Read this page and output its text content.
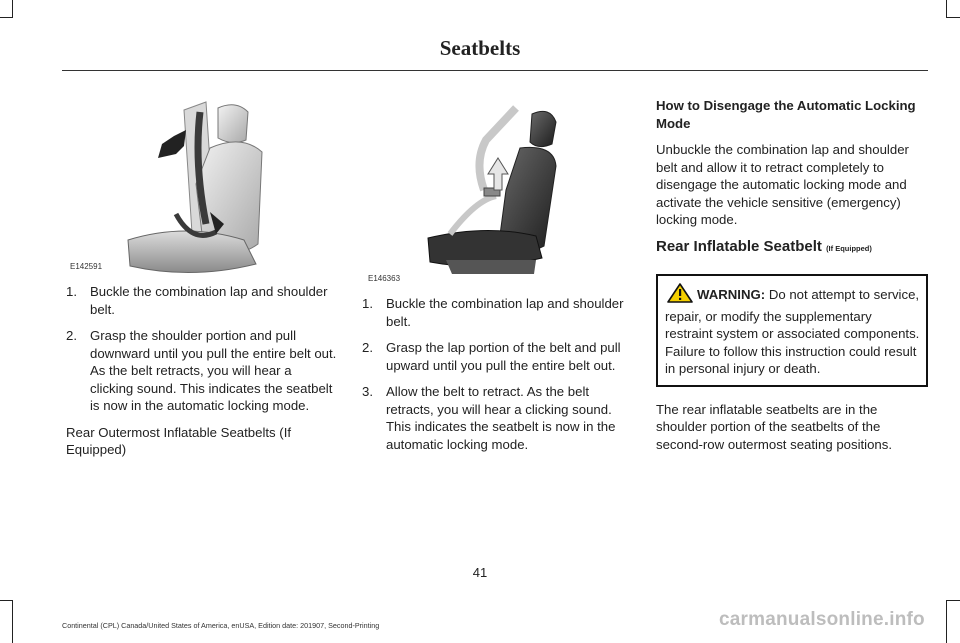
Seatbelts
E142591
E146363
1. Buckle the combination lap and shoulder belt.
2. Grasp the shoulder portion and pull downward until you pull the entire belt out. As the belt retracts, you will hear a clicking sound. This indicates the seatbelt is now in the automatic locking mode.
Rear Outermost Inflatable Seatbelts (If Equipped)
1. Buckle the combination lap and shoulder belt.
2. Grasp the lap portion of the belt and pull upward until you pull the entire belt out.
3. Allow the belt to retract. As the belt retracts, you will hear a clicking sound. This indicates the seatbelt is now in the automatic locking mode.
How to Disengage the Automatic Locking Mode
Unbuckle the combination lap and shoulder belt and allow it to retract completely to disengage the automatic locking mode and activate the vehicle sensitive (emergency) locking mode.
Rear Inflatable Seatbelt (If Equipped)
WARNING: Do not attempt to service, repair, or modify the supplementary restraint system or associated components. Failure to follow this instruction could result in personal injury or death.
The rear inflatable seatbelts are in the shoulder portion of the seatbelts of the second-row outermost seating positions.
41
Continental (CPL) Canada/United States of America, enUSA, Edition date: 201907, Second-Printing	carmanualsonline.info
